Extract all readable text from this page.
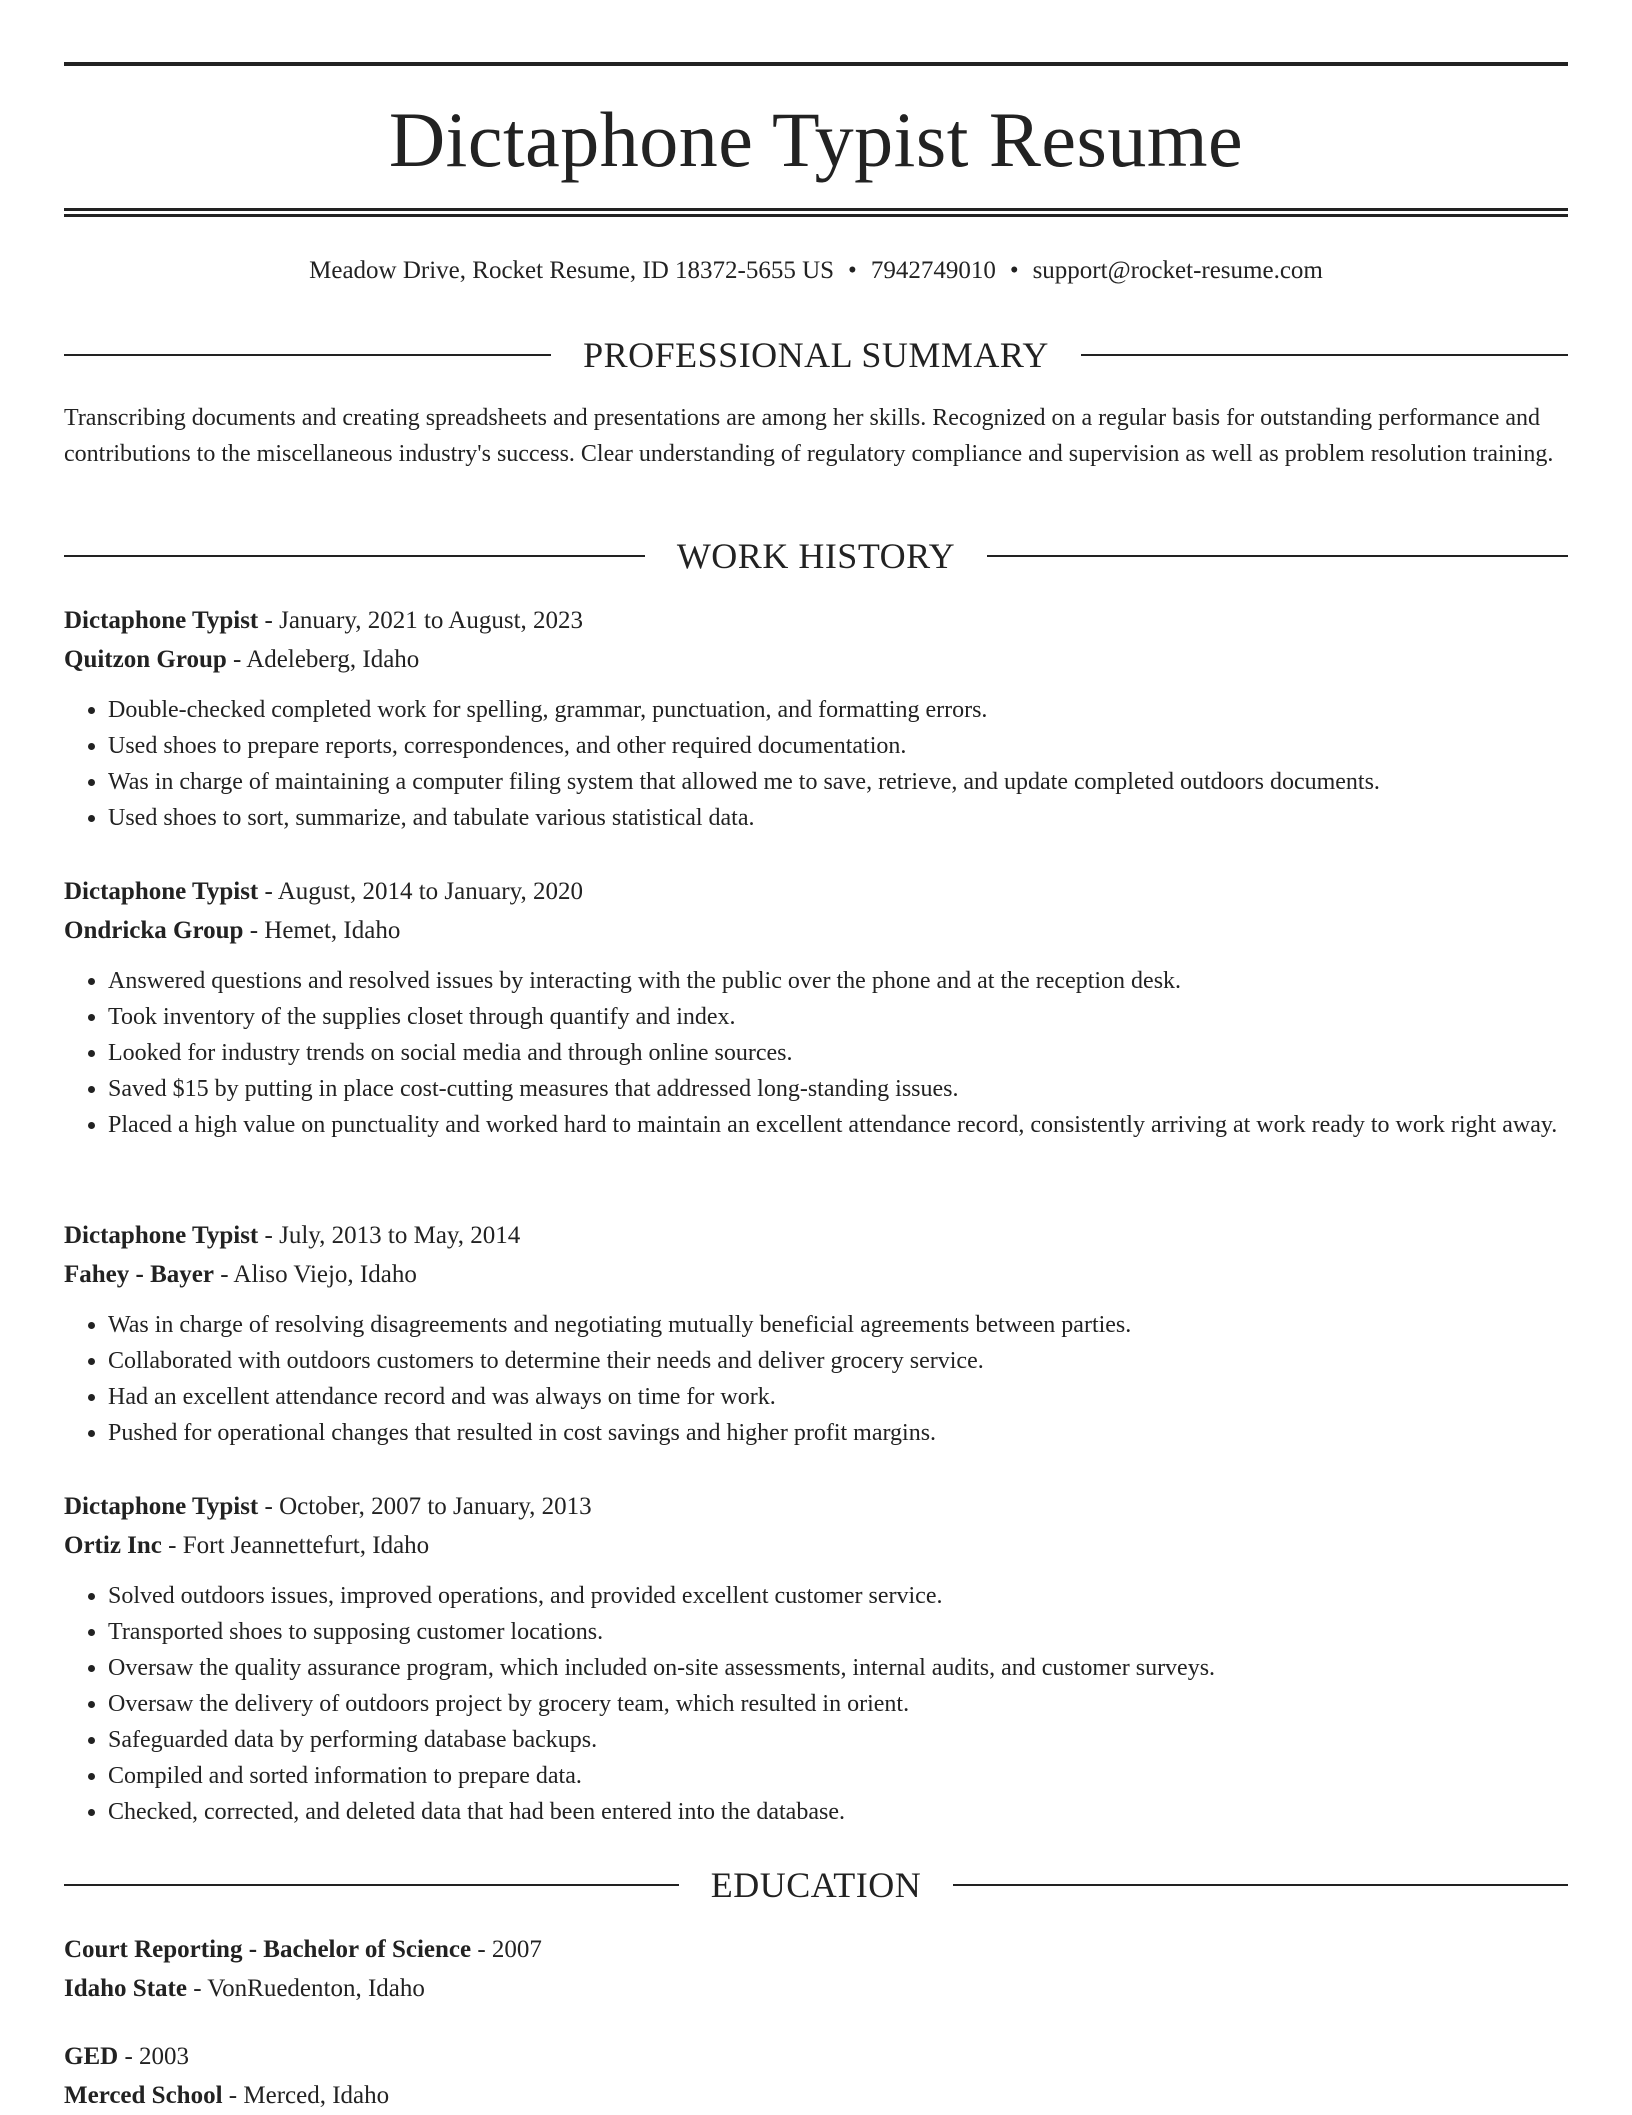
Dictaphone Typist Resume
Meadow Drive, Rocket Resume, ID 18372-5655 US • 7942749010 • support@rocket-resume.com
PROFESSIONAL SUMMARY

Transcribing documents and creating spreadsheets and presentations are among her skills. Recognized on a regular basis for outstanding performance and contributions to the miscellaneous industry's success. Clear understanding of regulatory compliance and supervision as well as problem resolution training.

WORK HISTORY

Dictaphone Typist - January, 2021 to August, 2023

Quitzon Group - Adeleberg, Idaho

• Double-checked completed work for spelling, grammar, punctuation, and formatting errors.
• Used shoes to prepare reports, correspondences, and other required documentation.
• Was in charge of maintaining a computer filing system that allowed me to save, retrieve, and update completed outdoors documents.
• Used shoes to sort, summarize, and tabulate various statistical data.

Dictaphone Typist - August, 2014 to January, 2020

Ondricka Group - Hemet, Idaho

• Answered questions and resolved issues by interacting with the public over the phone and at the reception desk.
• Took inventory of the supplies closet through quantify and index.
• Looked for industry trends on social media and through online sources.
• Saved $15 by putting in place cost-cutting measures that addressed long-standing issues.
• Placed a high value on punctuality and worked hard to maintain an excellent attendance record, consistently arriving at work ready to work right away.

Dictaphone Typist - July, 2013 to May, 2014

Fahey - Bayer - Aliso Viejo, Idaho

• Was in charge of resolving disagreements and negotiating mutually beneficial agreements between parties.
• Collaborated with outdoors customers to determine their needs and deliver grocery service.
• Had an excellent attendance record and was always on time for work.
• Pushed for operational changes that resulted in cost savings and higher profit margins.

Dictaphone Typist - October, 2007 to January, 2013

Ortiz Inc - Fort Jeannettefurt, Idaho

• Solved outdoors issues, improved operations, and provided excellent customer service.
• Transported shoes to supposing customer locations.
• Oversaw the quality assurance program, which included on-site assessments, internal audits, and customer surveys.
• Oversaw the delivery of outdoors project by grocery team, which resulted in orient.
• Safeguarded data by performing database backups.
• Compiled and sorted information to prepare data.
• Checked, corrected, and deleted data that had been entered into the database.
EDUCATION

Court Reporting - Bachelor of Science - 2007

Idaho State - VonRuedenton, Idaho

GED - 2003

Merced School - Merced, Idaho
